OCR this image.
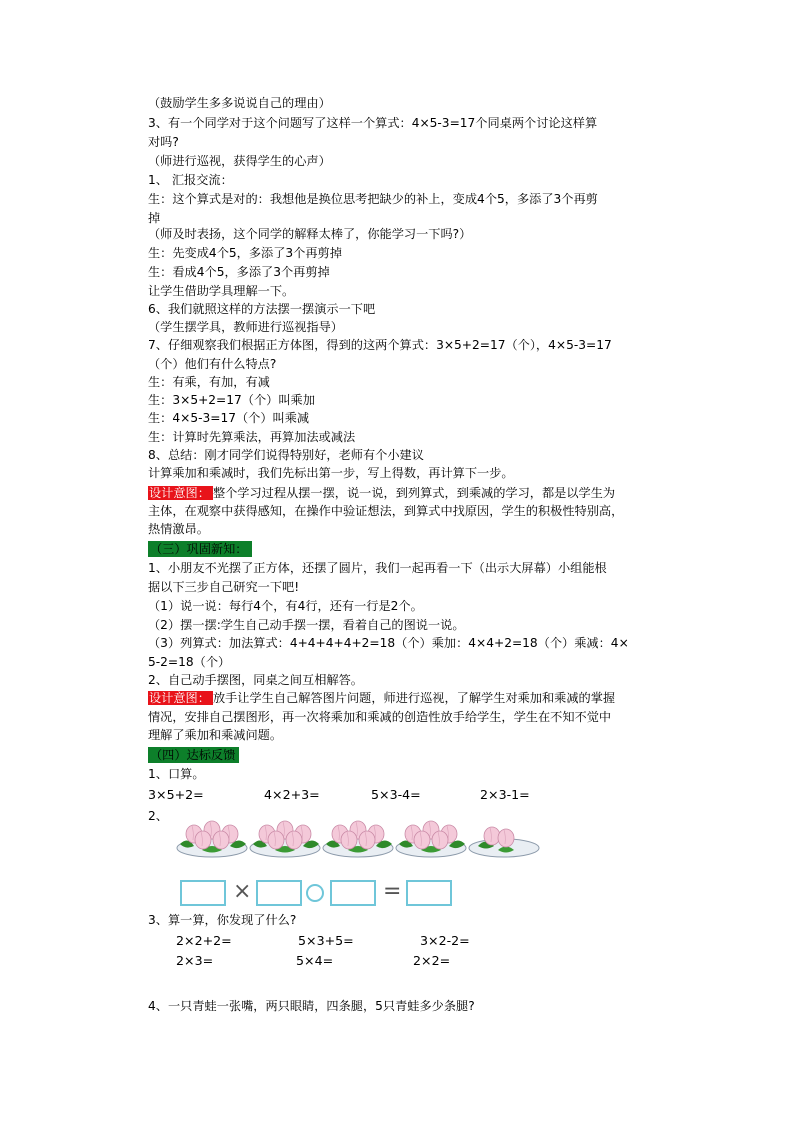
（鼓励学生多多说说自己的理由）
3、有一个同学对于这个问题写了这样一个算式：4×5-3=17个同桌两个讨论这样算
对吗?
（师进行巡视，获得学生的心声）
1、 汇报交流：
生：这个算式是对的：我想他是换位思考把缺少的补上，变成4个5，多添了3个再剪
掉
（师及时表扬，这个同学的解释太棒了，你能学习一下吗?）
生：先变成4个5，多添了3个再剪掉
生：看成4个5，多添了3个再剪掉
让学生借助学具理解一下。
6、我们就照这样的方法摆一摆演示一下吧
（学生摆学具，教师进行巡视指导）
7、仔细观察我们根据正方体图，得到的这两个算式：3×5+2=17（个），4×5-3=17
（个）他们有什么特点?
生：有乘，有加，有减
生：3×5+2=17（个）叫乘加
生：4×5-3=17（个）叫乘减
生：计算时先算乘法，再算加法或减法
8、总结：刚才同学们说得特别好，老师有个小建议
计算乘加和乘减时，我们先标出第一步，写上得数，再计算下一步。
设计意图： 整个学习过程从摆一摆，说一说，到列算式，到乘减的学习，都是以学生为
主体，在观察中获得感知，在操作中验证想法，到算式中找原因，学生的积极性特别高，
热情激昂。
（三）巩固新知：
1、小朋友不光摆了正方体，还摆了圆片，我们一起再看一下（出示大屏幕）小组能根
据以下三步自己研究一下吧!
（1）说一说：每行4个，有4行，还有一行是2个。
（2）摆一摆:学生自己动手摆一摆，看着自己的图说一说。
（3）列算式：加法算式：4+4+4+4+2=18（个）乘加：4×4+2=18（个）乘减：4×
5-2=18（个）
2、自己动手摆图，同桌之间互相解答。
设计意图： 放手让学生自己解答图片问题，师进行巡视，了解学生对乘加和乘减的掌握
情况，安排自己摆图形，再一次将乘加和乘减的创造性放手给学生，学生在不知不觉中
理解了乘加和乘减问题。
（四）达标反馈
1、口算。
3×5+2=	4×2+3=	5×3-4=	2×3-1=
2、
×	=
3、算一算，你发现了什么?
2×2+2=	5×3+5=	3×2-2=
2×3=	5×4=	2×2=
4、一只青蛙一张嘴，两只眼睛，四条腿，5只青蛙多少条腿?
